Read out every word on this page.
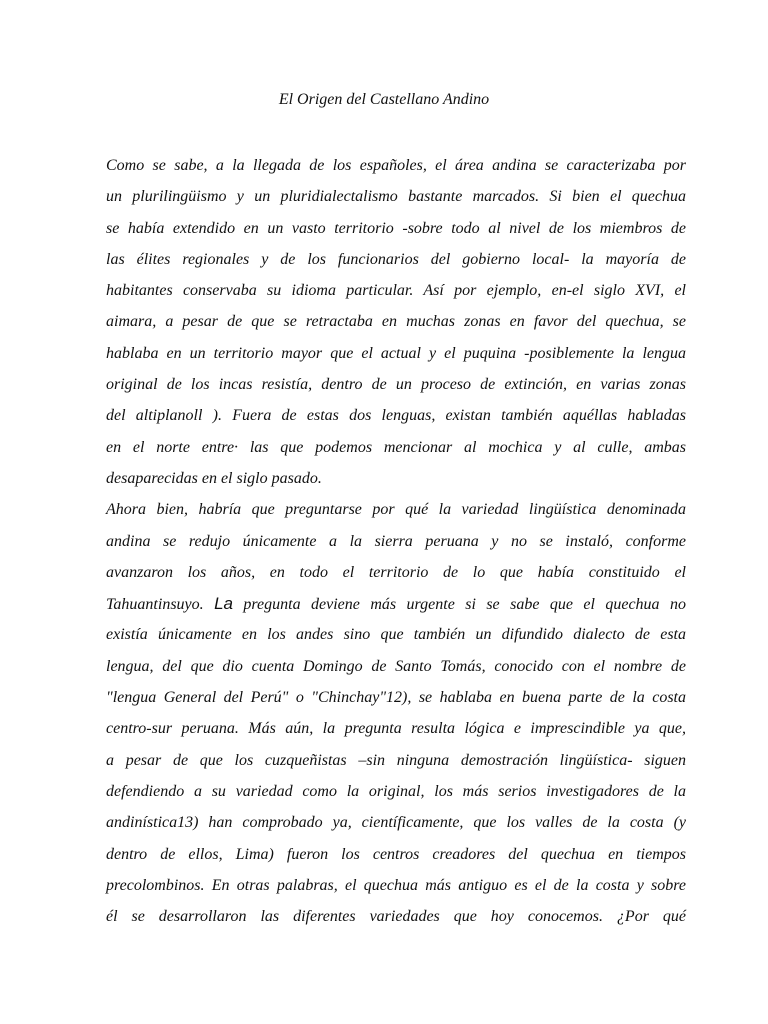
El Origen del Castellano Andino
Como se sabe, a la llegada de los españoles, el área andina se caracterizaba por
un plurilingüismo y un pluridialectalismo bastante marcados. Si bien el quechua
se había extendido en un vasto territorio -sobre todo al nivel de los miembros de
las élites regionales y de los funcionarios del gobierno local- la mayoría de
habitantes conservaba su idioma particular. Así por ejemplo, en-el siglo XVI, el
aimara, a pesar de que se retractaba en muchas zonas en favor del quechua, se
hablaba en un territorio mayor que el actual y el puquina -posiblemente la lengua
original de los incas resistía, dentro de un proceso de extinción, en varias zonas
del altiplanoll ). Fuera de estas dos lenguas, existan también aquéllas habladas
en el norte entre· las que podemos mencionar al mochica y al culle, ambas
desaparecidas en el siglo pasado.
Ahora bien, habría que preguntarse por qué la variedad lingüística denominada
andina se redujo únicamente a la sierra peruana y no se instaló, conforme
avanzaron los años, en todo el territorio de lo que había constituido el
Tahuantinsuyo. La pregunta deviene más urgente si se sabe que el quechua no
existía únicamente en los andes sino que también un difundido dialecto de esta
lengua, del que dio cuenta Domingo de Santo Tomás, conocido con el nombre de
"lengua General del Perú" o "Chinchay"12), se hablaba en buena parte de la costa
centro-sur peruana. Más aún, la pregunta resulta lógica e imprescindible ya que,
a pesar de que los cuzqueñistas –sin ninguna demostración lingüística- siguen
defendiendo a su variedad como la original, los más serios investigadores de la
andinística13) han comprobado ya, científicamente, que los valles de la costa (y
dentro de ellos, Lima) fueron los centros creadores del quechua en tiempos
precolombinos. En otras palabras, el quechua más antiguo es el de la costa y sobre
él se desarrollaron las diferentes variedades que hoy conocemos. ¿Por qué
